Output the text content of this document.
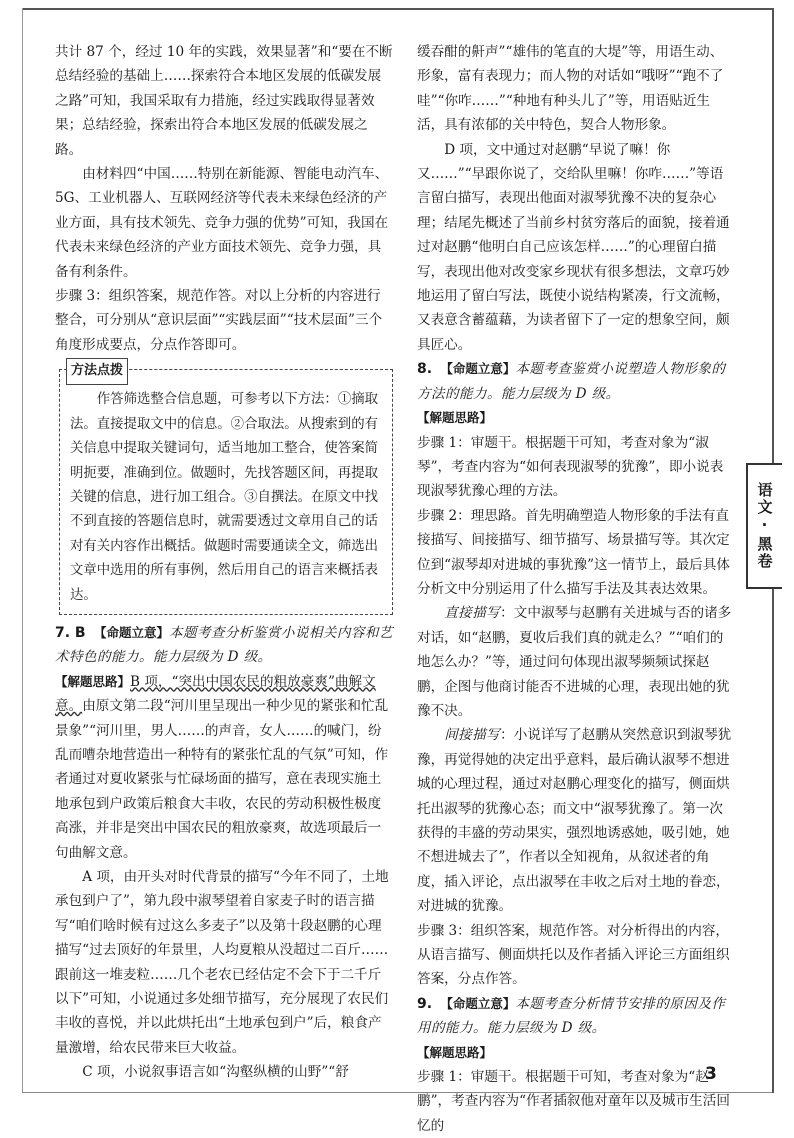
共计 87 个，经过 10 年的实践，效果显著”和“要在不断总结经验的基础上……探索符合本地区发展的低碳发展之路”可知，我国采取有力措施，经过实践取得显著效果；总结经验，探索出符合本地区发展的低碳发展之路。

由材料四“中国……特别在新能源、智能电动汽车、5G、工业机器人、互联网经济等代表未来绿色经济的产业方面，具有技术领先、竞争力强的优势”可知，我国在代表未来绿色经济的产业方面技术领先、竞争力强，具备有利条件。

步骤 3：组织答案，规范作答。对以上分析的内容进行整合，可分别从“意识层面”“实践层面”“技术层面”三个角度形成要点，分点作答即可。

方法点拨

作答筛选整合信息题，可参考以下方法：①摘取法。直接提取文中的信息。②合取法。从搜索到的有关信息中提取关键词句，适当地加工整合，使答案简明扼要，准确到位。做题时，先找答题区间，再提取关键的信息，进行加工组合。③自撰法。在原文中找不到直接的答题信息时，就需要透过文章用自己的话对有关内容作出概括。做题时需要通读全文，筛选出文章中选用的所有事例，然后用自己的语言来概括表达。

7. B 【命题立意】本题考查分析鉴赏小说相关内容和艺术特色的能力。能力层级为 D 级。

【解题思路】B 项，“突出中国农民的粗放豪爽”曲解文意。由原文第二段“河川里呈现出一种少见的紧张和忙乱景象”“河川里，男人……的声音，女人……的喊门，纷乱而嘈杂地营造出一种特有的紧张忙乱的气氛”可知，作者通过对夏收紧张与忙碌场面的描写，意在表现实施土地承包到户政策后粮食大丰收，农民的劳动积极性极度高涨，并非是突出中国农民的粗放豪爽，故选项最后一句曲解文意。

A 项，由开头对时代背景的描写“今年不同了，土地承包到户了”，第九段中淑琴望着自家麦子时的语言描写“咱们啥时候有过这么多麦子”以及第十段赵鹏的心理描写“过去顶好的年景里，人均夏粮从没超过二百斤……跟前这一堆麦粒……几个老农已经估定不会下于二千斤以下”可知，小说通过多处细节描写，充分展现了农民们丰收的喜悦，并以此烘托出“土地承包到户”后，粮食产量激增，给农民带来巨大收益。

C 项，小说叙事语言如“沟壑纵横的山野”“舒

缓吞酣的鼾声”“雄伟的笔直的大堤”等，用语生动、形象，富有表现力；而人物的对话如“哦呀”“跑不了哇”“你咋……”“种地有种头儿了”等，用语贴近生活，具有浓郁的关中特色，契合人物形象。

D 项，文中通过对赵鹏“早说了嘛！你又……”“早跟你说了，交给队里嘛！你咋……”等语言留白描写，表现出他面对淑琴犹豫不决的复杂心理；结尾先概述了当前乡村贫穷落后的面貌，接着通过对赵鹏“他明白自己应该怎样……”的心理留白描写，表现出他对改变家乡现状有很多想法，文章巧妙地运用了留白写法，既使小说结构紧凑，行文流畅，又表意含蓄蕴藉，为读者留下了一定的想象空间，颇具匠心。

8. 【命题立意】本题考查鉴赏小说塑造人物形象的方法的能力。能力层级为 D 级。

【解题思路】

步骤 1：审题干。根据题干可知，考查对象为“淑琴”，考查内容为“如何表现淑琴的犹豫”，即小说表现淑琴犹豫心理的方法。

步骤 2：理思路。首先明确塑造人物形象的手法有直接描写、间接描写、细节描写、场景描写等。其次定位到“淑琴却对进城的事犹豫”这一情节上，最后具体分析文中分别运用了什么描写手法及其表达效果。

直接描写：文中淑琴与赵鹏有关进城与否的诸多对话，如“赵鹏，夏收后我们真的就走么？”“咱们的地怎么办？”等，通过问句体现出淑琴频频试探赵鹏，企图与他商讨能否不进城的心理，表现出她的犹豫不决。

间接描写：小说详写了赵鹏从突然意识到淑琴犹豫，再觉得她的决定出乎意料，最后确认淑琴不想进城的心理过程，通过对赵鹏心理变化的描写，侧面烘托出淑琴的犹豫心态；而文中“淑琴犹豫了。第一次获得的丰盛的劳动果实，强烈地诱惑她，吸引她，她不想进城去了”，作者以全知视角，从叙述者的角度，插入评论，点出淑琴在丰收之后对土地的眷恋，对进城的犹豫。

步骤 3：组织答案，规范作答。对分析得出的内容，从语言描写、侧面烘托以及作者插入评论三方面组织答案，分点作答。

9. 【命题立意】本题考查分析情节安排的原因及作用的能力。能力层级为 D 级。

【解题思路】

步骤 1：审题干。根据题干可知，考查对象为“赵鹏”，考查内容为“作者插叙他对童年以及城市生活回忆的

语文·黑卷
3
